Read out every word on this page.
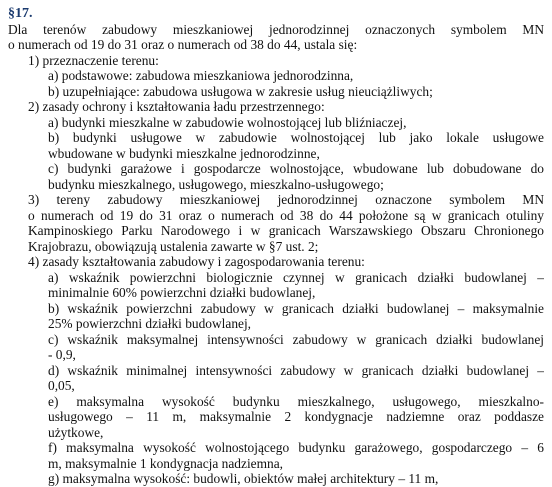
§17.
Dla terenów zabudowy mieszkaniowej jednorodzinnej oznaczonych symbolem MN
o numerach od 19 do 31 oraz o numerach od 38 do 44, ustala się:
1) przeznaczenie terenu:
a) podstawowe: zabudowa mieszkaniowa jednorodzinna,
b) uzupełniające: zabudowa usługowa w zakresie usług nieuciążliwych;
2) zasady ochrony i kształtowania ładu przestrzennego:
a) budynki mieszkalne w zabudowie wolnostojącej lub bliźniaczej,
b) budynki usługowe w zabudowie wolnostojącej lub jako lokale usługowe
wbudowane w budynki mieszkalne jednorodzinne,
c) budynki garażowe i gospodarcze wolnostojące, wbudowane lub dobudowane do
budynku mieszkalnego, usługowego, mieszkalno-usługowego;
3) tereny zabudowy mieszkaniowej jednorodzinnej oznaczone symbolem MN
o numerach od 19 do 31 oraz o numerach od 38 do 44 położone są w granicach otuliny
Kampinoskiego Parku Narodowego i w granicach Warszawskiego Obszaru Chronionego
Krajobrazu, obowiązują ustalenia zawarte w §7 ust. 2;
4) zasady kształtowania zabudowy i zagospodarowania terenu:
a) wskaźnik powierzchni biologicznie czynnej w granicach działki budowlanej –
minimalnie 60% powierzchni działki budowlanej,
b) wskaźnik powierzchni zabudowy w granicach działki budowlanej – maksymalnie
25% powierzchni działki budowlanej,
c) wskaźnik maksymalnej intensywności zabudowy w granicach działki budowlanej
- 0,9,
d) wskaźnik minimalnej intensywności zabudowy w granicach działki budowlanej –
0,05,
e) maksymalna wysokość budynku mieszkalnego, usługowego, mieszkalno-
usługowego – 11 m, maksymalnie 2 kondygnacje nadziemne oraz poddasze
użytkowe,
f) maksymalna wysokość wolnostojącego budynku garażowego, gospodarczego – 6
m, maksymalnie 1 kondygnacja nadziemna,
g) maksymalna wysokość: budowli, obiektów małej architektury – 11 m,
